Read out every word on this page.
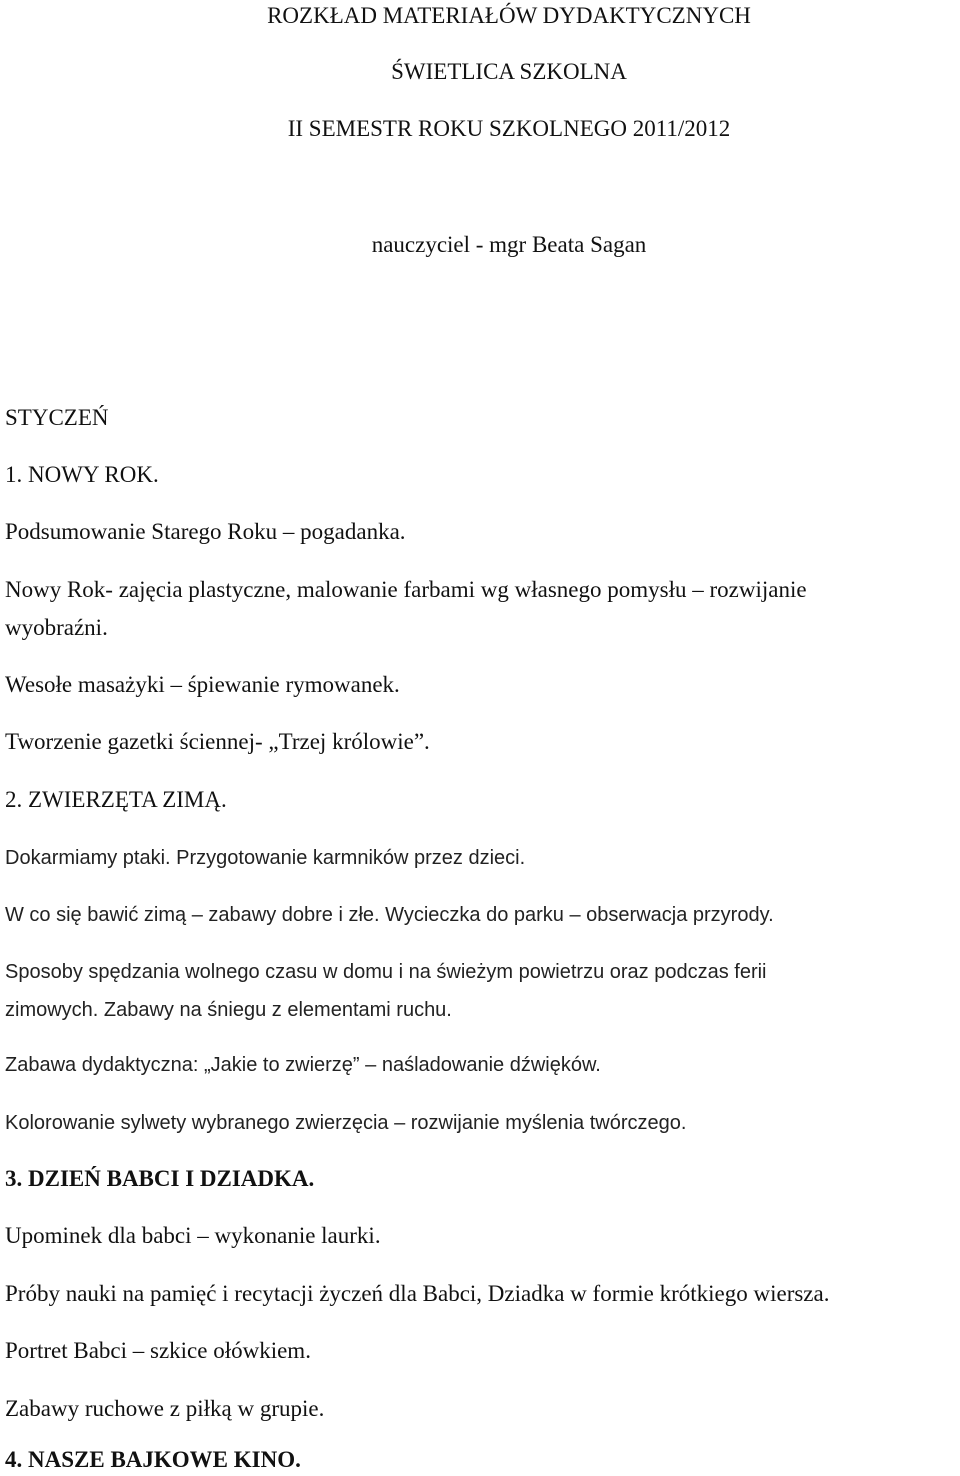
ROZKŁAD MATERIAŁÓW DYDAKTYCZNYCH
ŚWIETLICA SZKOLNA
II SEMESTR ROKU SZKOLNEGO 2011/2012
nauczyciel - mgr Beata Sagan
STYCZEŃ
1. NOWY ROK.
Podsumowanie Starego Roku – pogadanka.
Nowy Rok- zajęcia plastyczne, malowanie farbami wg własnego pomysłu – rozwijanie
wyobraźni.
Wesołe masażyki – śpiewanie rymowanek.
Tworzenie gazetki ściennej- „Trzej królowie”.
2. ZWIERZĘTA ZIMĄ.
Dokarmiamy ptaki. Przygotowanie karmników przez dzieci.
W co się bawić zimą – zabawy dobre i złe. Wycieczka do parku – obserwacja przyrody.
Sposoby spędzania wolnego czasu w domu i na świeżym powietrzu oraz podczas ferii
zimowych. Zabawy na śniegu z elementami ruchu.
Zabawa dydaktyczna: „Jakie to zwierzę” – naśladowanie dźwięków.
Kolorowanie sylwety wybranego zwierzęcia – rozwijanie myślenia twórczego.
3. DZIEŃ BABCI I DZIADKA.
Upominek dla babci – wykonanie laurki.
Próby nauki na pamięć i recytacji życzeń dla Babci, Dziadka w formie krótkiego wiersza.
Portret Babci – szkice ołówkiem.
Zabawy ruchowe z piłką w grupie.
4. NASZE BAJKOWE KINO.
